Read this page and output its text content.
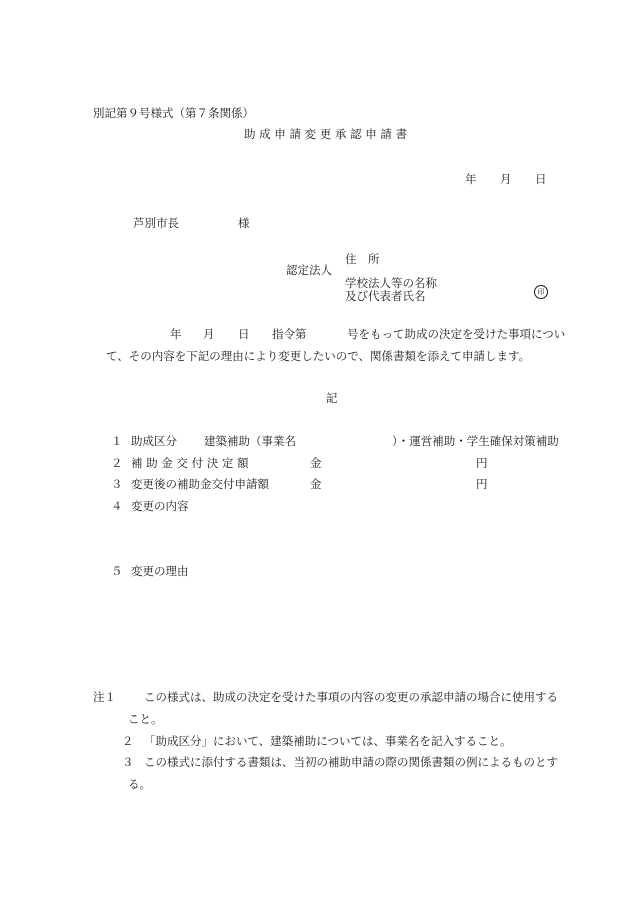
別記第９号様式（第７条関係）
助 成 申 請 変 更 承 認 申 請 書
年 月 日
芦別市長	様
住　所
認定法人
学校法人等の名称
及び代表者氏名	印
年 月 日 指令第	号をもって助成の決定を受けた事項につい
て、その内容を下記の理由により変更したいので、関係書類を添えて申請します。
記
１ 助成区分 建築補助（事業名	）・運営補助・学生確保対策補助
２ 補 助 金 交 付 決 定 額	金	円
３ 変更後の補助金交付申請額	金	円
４ 変更の内容
５ 変更の理由
注１ この様式は、助成の決定を受けた事項の内容の変更の承認申請の場合に使用する
こと。
２ 「助成区分」において、建築補助については、事業名を記入すること。
３ この様式に添付する書類は、当初の補助申請の際の関係書類の例によるものとす
る。
